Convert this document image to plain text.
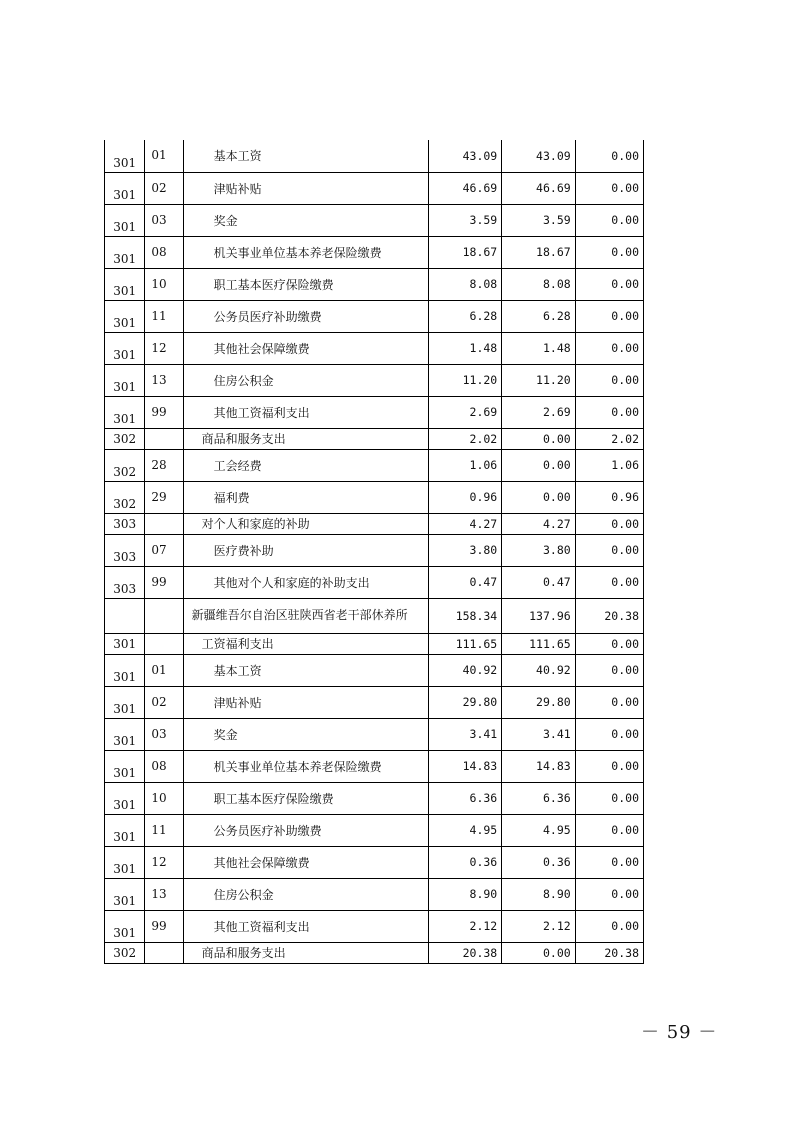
301	01	基本工资	43.09	43.09	0.00
301	02	津贴补贴	46.69	46.69	0.00
301	03	奖金	3.59	3.59	0.00
301	08	机关事业单位基本养老保险缴费	18.67	18.67	0.00
301	10	职工基本医疗保险缴费	8.08	8.08	0.00
301	11	公务员医疗补助缴费	6.28	6.28	0.00
301	12	其他社会保障缴费	1.48	1.48	0.00
301	13	住房公积金	11.20	11.20	0.00
301	99	其他工资福利支出	2.69	2.69	0.00
302		商品和服务支出	2.02	0.00	2.02
302	28	工会经费	1.06	0.00	1.06
302	29	福利费	0.96	0.00	0.96
303		对个人和家庭的补助	4.27	4.27	0.00
303	07	医疗费补助	3.80	3.80	0.00
303	99	其他对个人和家庭的补助支出	0.47	0.47	0.00
		新疆维吾尔自治区驻陕西省老干部休养所	158.34	137.96	20.38
301		工资福利支出	111.65	111.65	0.00
301	01	基本工资	40.92	40.92	0.00
301	02	津贴补贴	29.80	29.80	0.00
301	03	奖金	3.41	3.41	0.00
301	08	机关事业单位基本养老保险缴费	14.83	14.83	0.00
301	10	职工基本医疗保险缴费	6.36	6.36	0.00
301	11	公务员医疗补助缴费	4.95	4.95	0.00
301	12	其他社会保障缴费	0.36	0.36	0.00
301	13	住房公积金	8.90	8.90	0.00
301	99	其他工资福利支出	2.12	2.12	0.00
302		商品和服务支出	20.38	0.00	20.38
－ 59 －
